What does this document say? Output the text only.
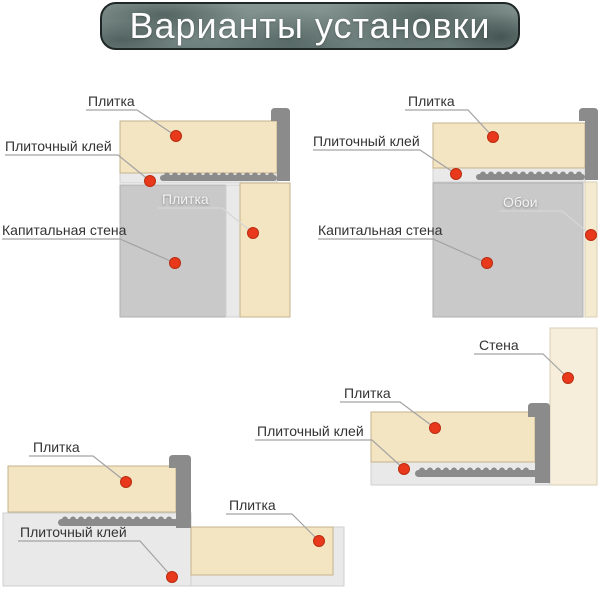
Варианты установки
Плитка
Плиточный клей
Капитальная стена
Плитка
Плитка
Плиточный клей
Капитальная стена
Обои
Плитка
Плиточный клей
Плитка
Стена
Плитка
Плиточный клей
